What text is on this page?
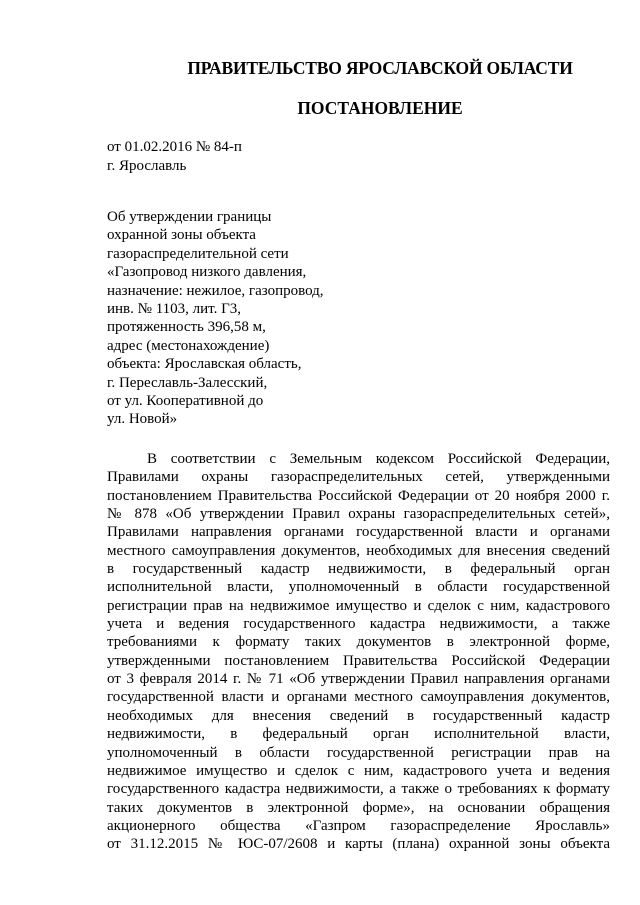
ПРАВИТЕЛЬСТВО ЯРОСЛАВСКОЙ ОБЛАСТИ
ПОСТАНОВЛЕНИЕ
от 01.02.2016 № 84-п
г. Ярославль
Об утверждении границы
охранной зоны объекта
газораспределительной сети
«Газопровод низкого давления,
назначение: нежилое, газопровод,
инв. № 1103, лит. Г3,
протяженность 396,58 м,
адрес (местонахождение)
объекта: Ярославская область,
г. Переславль-Залесский,
от ул. Кооперативной до
ул. Новой»
В соответствии с Земельным кодексом Российской Федерации,
Правилами охраны газораспределительных сетей, утвержденными
постановлением Правительства Российской Федерации от 20 ноября 2000 г.
№ 878 «Об утверждении Правил охраны газораспределительных сетей»,
Правилами направления органами государственной власти и органами
местного самоуправления документов, необходимых для внесения сведений
в государственный кадастр недвижимости, в федеральный орган
исполнительной власти, уполномоченный в области государственной
регистрации прав на недвижимое имущество и сделок с ним, кадастрового
учета и ведения государственного кадастра недвижимости, а также
требованиями к формату таких документов в электронной форме,
утвержденными постановлением Правительства Российской Федерации
от 3 февраля 2014 г. № 71 «Об утверждении Правил направления органами
государственной власти и органами местного самоуправления документов,
необходимых для внесения сведений в государственный кадастр
недвижимости, в федеральный орган исполнительной власти,
уполномоченный в области государственной регистрации прав на
недвижимое имущество и сделок с ним, кадастрового учета и ведения
государственного кадастра недвижимости, а также о требованиях к формату
таких документов в электронной форме», на основании обращения
акционерного общества «Газпром газораспределение Ярославль»
от 31.12.2015 № ЮС-07/2608 и карты (плана) охранной зоны объекта
